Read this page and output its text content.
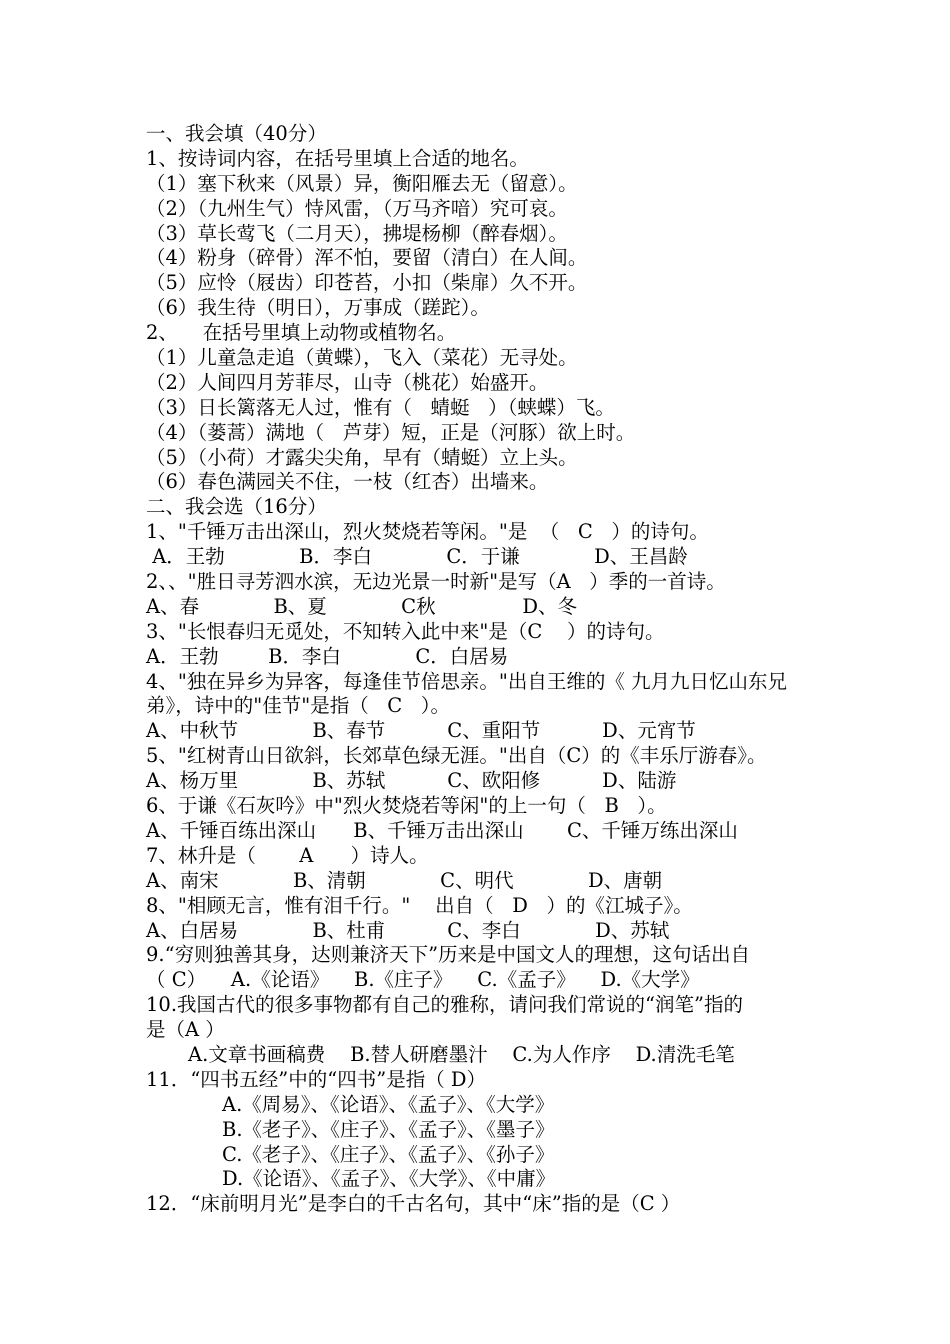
一、我会填（40分）
1、按诗词内容，在括号里填上合适的地名。
（1）塞下秋来（风景）异，衡阳雁去无（留意）。
（2）（九州生气）恃风雷，（万马齐喑）究可哀。
（3）草长莺飞（二月天），拂堤杨柳（醉春烟）。
（4）粉身（碎骨）浑不怕，要留（清白）在人间。
（5）应怜（屐齿）印苍苔，小扣（柴扉）久不开。
（6）我生待（明日），万事成（蹉跎）。
2、    在括号里填上动物或植物名。
（1）儿童急走追（黄蝶），飞入（菜花）无寻处。
（2）人间四月芳菲尽，山寺（桃花）始盛开。
（3）日长篱落无人过，惟有（   蜻蜓   ）（蛱蝶）飞。
（4）（蒌蒿）满地（   芦芽）短，正是（河豚）欲上时。
（5）（小荷）才露尖尖角，早有（蜻蜓）立上头。
（6）春色满园关不住，一枝（红杏）出墙来。
二、我会选（16分）
1、"千锤万击出深山，烈火焚烧若等闲。"是  （   C   ）的诗句。
A．王勃            B．李白            C．于谦            D、王昌龄
2、、"胜日寻芳泗水滨，无边光景一时新"是写（A   ）季的一首诗。
A、春            B、夏            C秋              D、冬
3、"长恨春归无觅处，不知转入此中来"是（C    ）的诗句。
A．王勃        B．李白            C．白居易
4、"独在异乡为异客，每逢佳节倍思亲。"出自王维的《 九月九日忆山东兄
弟》，诗中的"佳节"是指（   C   ）。
A、中秋节            B、春节          C、重阳节          D、元宵节
5、"红树青山日欲斜，长郊草色绿无涯。"出自（C）的《丰乐厅游春》。
A、杨万里            B、苏轼          C、欧阳修          D、陆游
6、于谦《石灰吟》中"烈火焚烧若等闲"的上一句（   B   ）。
A、千锤百练出深山      B、千锤万击出深山       C、千锤万练出深山
7、林升是（       A      ）诗人。
A、南宋            B、清朝            C、明代            D、唐朝
8、"相顾无言，惟有泪千行。"    出自（   D   ）的《江城子》。
A、白居易            B、杜甫          C、李白            D、苏轼
9.“穷则独善其身，达则兼济天下”历来是中国文人的理想，这句话出自
（ C）    A.《论语》    B.《庄子》    C.《孟子》    D.《大学》
10.我国古代的很多事物都有自己的雅称，请问我们常说的“润笔”指的
是（A ）
A.文章书画稿费    B.替人研磨墨汁    C.为人作序    D.清洗毛笔
11．“四书五经”中的“四书”是指（ D）
A.《周易》、《论语》、《孟子》、《大学》
B.《老子》、《庄子》、《孟子》、《墨子》
C.《老子》、《庄子》、《孟子》、《孙子》
D.《论语》、《孟子》、《大学》、《中庸》
12．“床前明月光”是李白的千古名句，其中“床”指的是（C ）
